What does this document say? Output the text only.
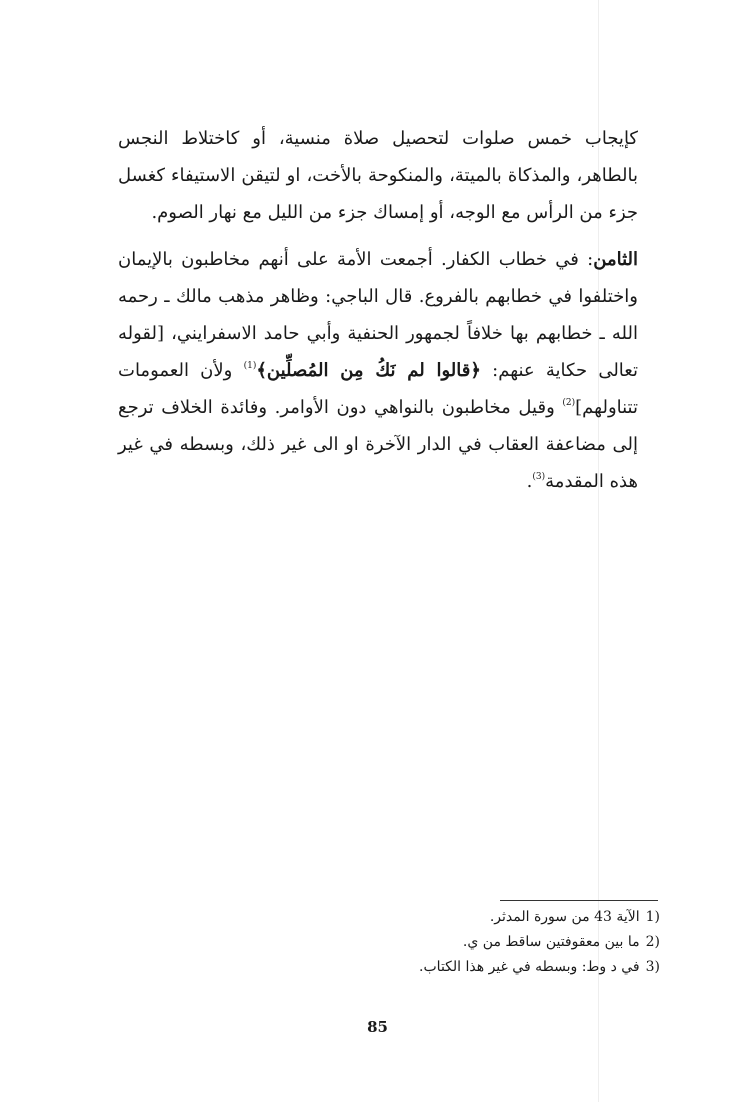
كإيجاب خمس صلوات لتحصيل صلاة منسية، أو كاختلاط النجس بالطاهر، والمذكاة بالميتة، والمنكوحة بالأخت، او لتيقن الاستيفاء كغسل جزء من الرأس مع الوجه، أو إمساك جزء من الليل مع نهار الصوم.

الثامن: في خطاب الكفار. أجمعت الأمة على أنهم مخاطبون بالإيمان واختلفوا في خطابهم بالفروع. قال الباجي: وظاهر مذهب مالك ـ رحمه الله ـ خطابهم بها خلافاً لجمهور الحنفية وأبي حامد الاسفرايني، [لقوله تعالى حكاية عنهم: ﴿قالوا لم نَكُ مِن المُصلِّين﴾$^{(1)}$ ولأن العمومات تتناولهم]$^{(2)}$ وقيل مخاطبون بالنواهي دون الأوامر. وفائدة الخلاف ترجع إلى مضاعفة العقاب في الدار الآخرة او الى غير ذلك، وبسطه في غير هذه المقدمة$^{(3)}$.

1)الآية 43 من سورة المدثر.
2)ما بين معقوفتين ساقط من ي.
3)في د وط: وبسطه في غير هذا الكتاب.
85
